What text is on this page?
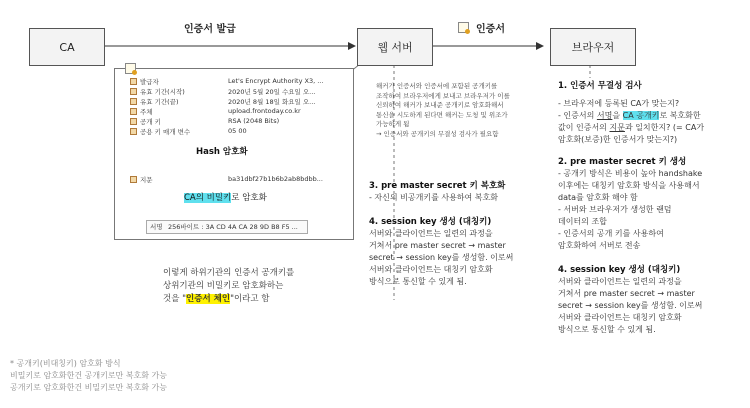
CA	웹 서버	브라우저
인증서 발급	인증서
발급자	Let's Encrypt Authority X3, ...
유효 기간(시작)	2020년 5월 20일 수요일 오...
유효 기간(끝)	2020년 8월 18일 화요일 오...
주체	upload.frontoday.co.kr
공개 키	RSA (2048 Bits)
공용 키 매개 변수	05 00
Hash 암호화
지문	ba31dbf27b1b6b2ab8bdbb...
CA의 비밀키로 암호화
서명 256바이트 : 3A CD 4A CA 28 9D B8 F5 ...
이렇게 하위기관의 인증서 공개키를
상위기관의 비밀키로 암호화하는
것을 "인증서 체인"이라고 함
해커가 인증서와 인증서에 포함된 공개키를
조작하여 브라우저에게 보내고 브라우저가 이를
신뢰하여 해커가 보내준 공개키로 암호화해서
통신을 시도하게 된다면 해커는 도청 및 위조가
가능하게 됨
→ 인증서와 공개키의 무결성 검사가 필요함
3. pre master secret 키 복호화
- 자신의 비공개키를 사용하여 복호화
4. session key 생성 (대칭키)
서버와 클라이언트는 일련의 과정을
거쳐서 pre master secret → master
secret → session key를 생성함. 이로써
서버와 클라이언트는 대칭키 암호화
방식으로 통신할 수 있게 됨.
1. 인증서 무결성 검사
- 브라우저에 등록된 CA가 맞는지?
- 인증서의 서명을 CA 공개키로 복호화한
값이 인증서의 지문과 일치한지? (= CA가
암호화(보증)한 인증서가 맞는지?)
2. pre master secret 키 생성
- 공개키 방식은 비용이 높아 handshake
이후에는 대칭키 암호화 방식을 사용해서
data를 암호화 해야 함
- 서버와 브라우저가 생성한 랜덤
데이터의 조합
- 인증서의 공개 키를 사용하여
암호화하여 서버로 전송
4. session key 생성 (대칭키)
서버와 클라이언트는 일련의 과정을
거쳐서 pre master secret → master
secret → session key를 생성함. 이로써
서버와 클라이언트는 대칭키 암호화
방식으로 통신할 수 있게 됨.
* 공개키(비대칭키) 암호화 방식
비밀키로 암호화한건 공개키로만 복호화 가능
공개키로 암호화한건 비밀키로만 복호화 가능
